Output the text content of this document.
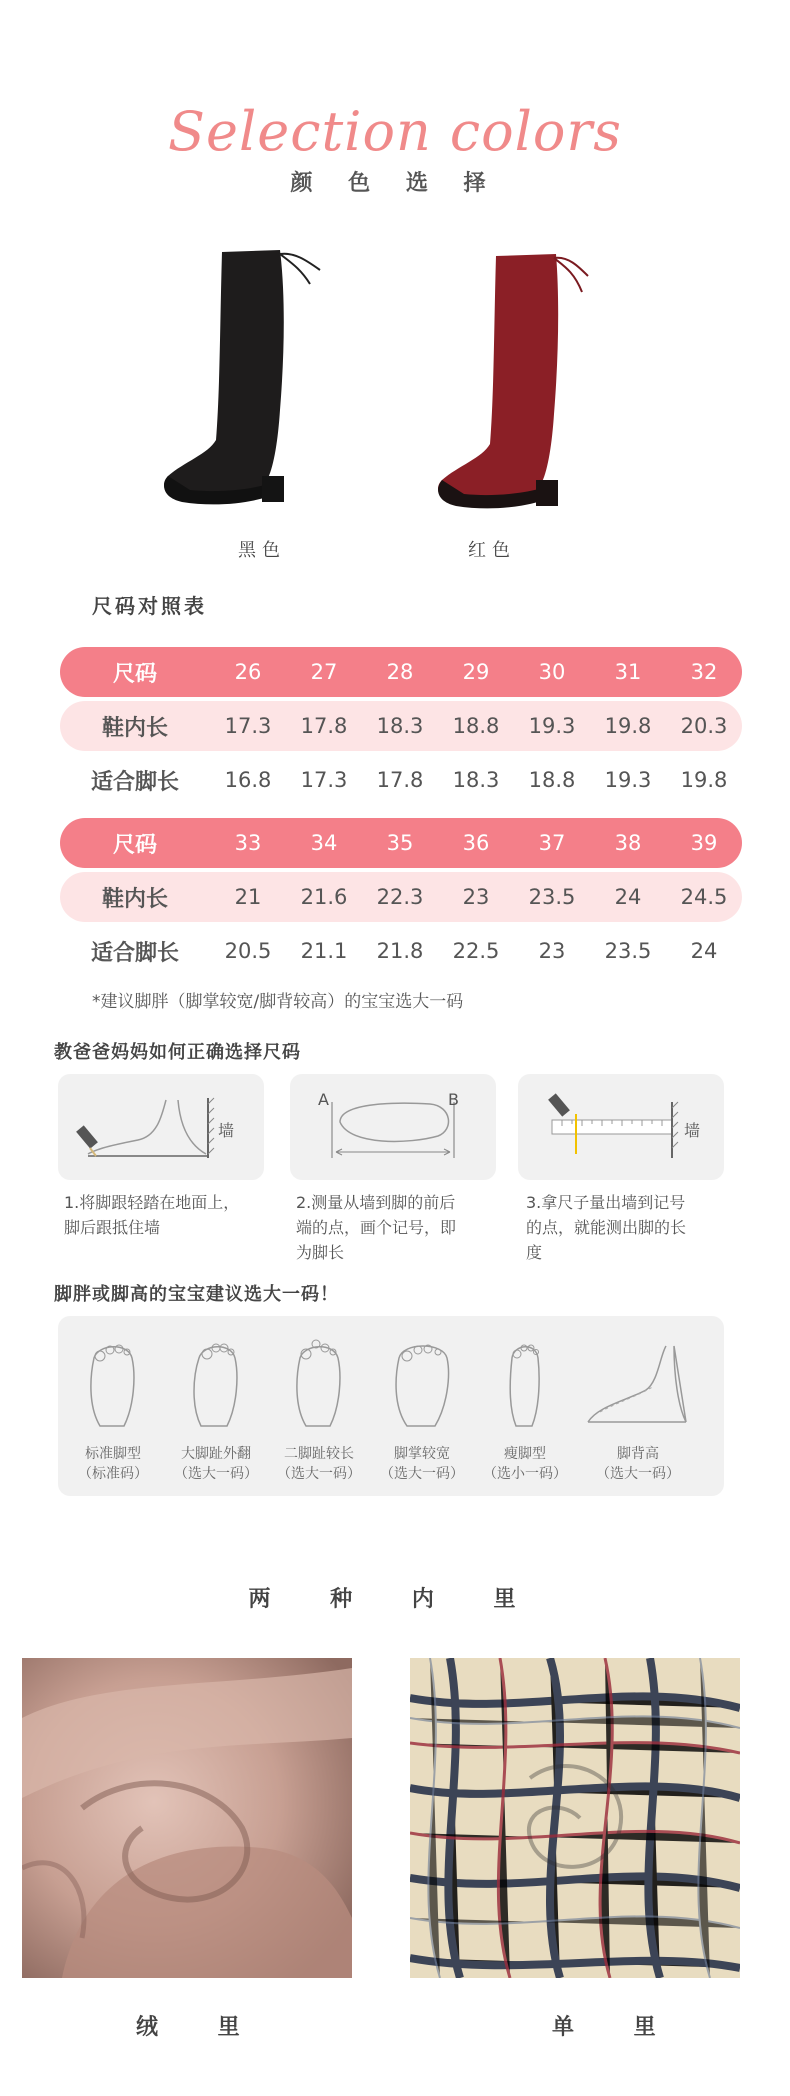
Selection colors
颜 色 选 择
黑色	红色
尺码对照表
尺码	26	27	28	29	30	31	32
鞋内长	17.3	17.8	18.3	18.8	19.3	19.8	20.3
适合脚长	16.8	17.3	17.8	18.3	18.8	19.3	19.8
尺码	33	34	35	36	37	38	39
鞋内长	21	21.6	22.3	23	23.5	24	24.5
适合脚长	20.5	21.1	21.8	22.5	23	23.5	24
*建议脚胖（脚掌较宽/脚背较高）的宝宝选大一码
教爸爸妈妈如何正确选择尺码
墙
1.将脚跟轻踏在地面上，
脚后跟抵住墙
A	B
2.测量从墙到脚的前后
端的点，画个记号，即
为脚长
墙
3.拿尺子量出墙到记号
的点，就能测出脚的长
度
脚胖或脚高的宝宝建议选大一码！
标准脚型
（标准码）
大脚趾外翻
（选大一码）
二脚趾较长
（选大一码）
脚掌较宽
（选大一码）
瘦脚型
（选小一码）
脚背高
（选大一码）
两 种 内 里
绒 里	单 里
